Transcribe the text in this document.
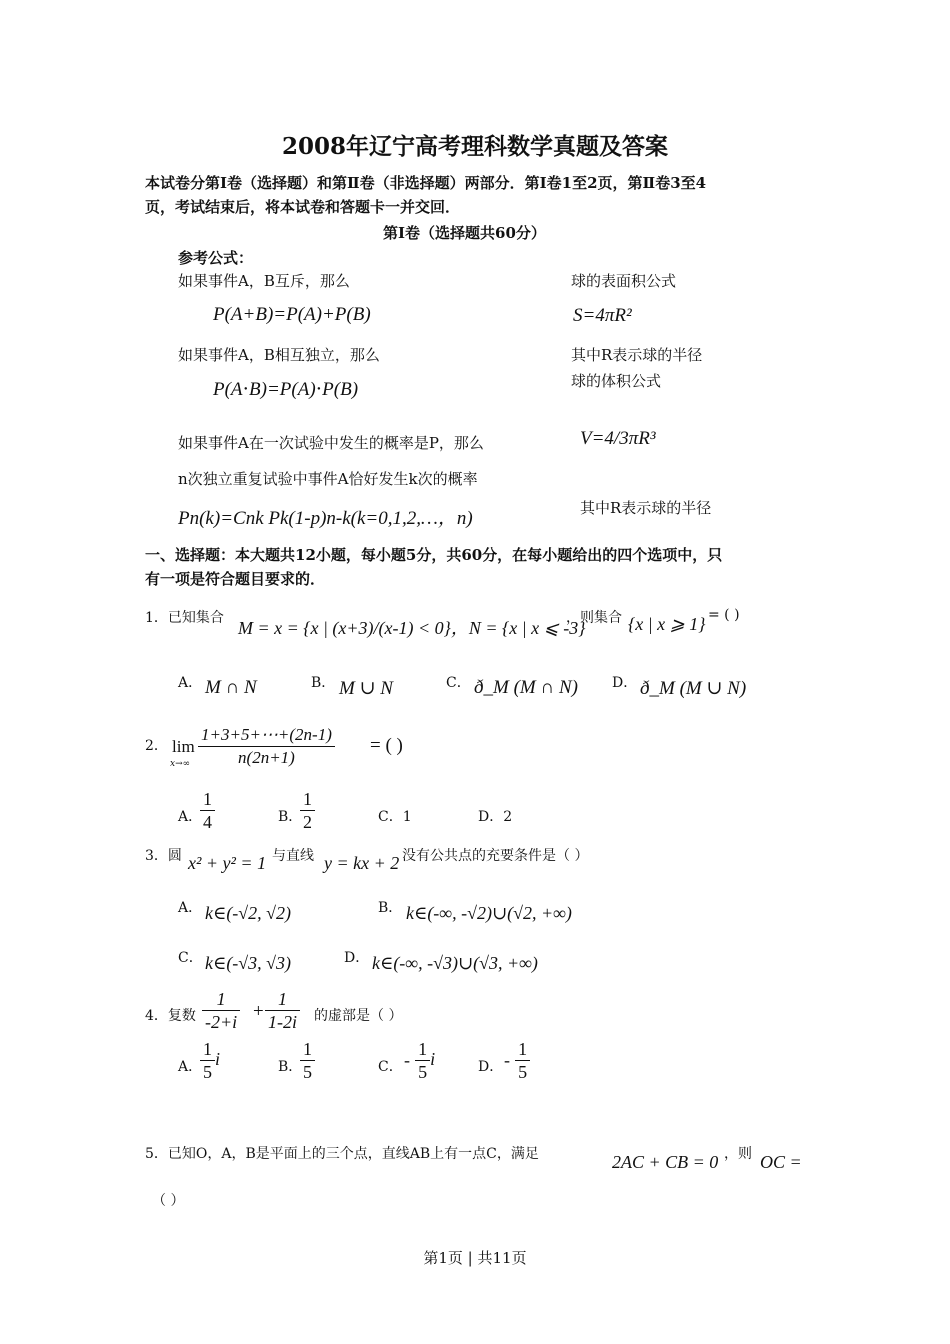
2008年辽宁高考理科数学真题及答案
本试卷分第Ⅰ卷（选择题）和第Ⅱ卷（非选择题）两部分．第Ⅰ卷1至2页，第Ⅱ卷3至4
页，考试结束后，将本试卷和答题卡一并交回．
第Ⅰ卷（选择题共60分）
参考公式：
如果事件A，B互斥，那么
P(A+B)=P(A)+P(B)
如果事件A，B相互独立，那么
P(A⋅B)=P(A)⋅P(B)
如果事件A在一次试验中发生的概率是P，那么
n次独立重复试验中事件A恰好发生k次的概率
Pn(k)=Cnk Pk(1-p)n-k(k=0,1,2,…，n)
球的表面积公式
S=4πR²
其中R表示球的半径
球的体积公式
V=4/3πR³
其中R表示球的半径
一、选择题：本大题共12小题，每小题5分，共60分，在每小题给出的四个选项中，只
有一项是符合题目要求的．
1．已知集合 M = x = {x | (x+3)/(x-1) < 0}，N = {x | x ⩽ -3}
，则集合 {x | x ⩾ 1} = ( )
A． M ∩ N	B． M ∪ N	C． ð_M (M ∩ N) D． ð_M (M ∪ N)
2． lim
$x\to\infty \frac{1+3+5+\cdots+(2n-1)}{n(2n+1)}$ = ( )
A．
$\frac{1}{4}$	B．
$\frac{1}{2}$	C．1	D．2
3．圆 x² + y² = 1 与直线 y = kx + 2 没有公共点的充要条件是（ ）
A． k∈(-√2, √2)	B． k∈(-∞, -√2)∪(√2, +∞)
C． k∈(-√3, √3)	D． k∈(-∞, -√3)∪(√3, +∞)
4．复数 $\frac{1}{-2+i} + \frac{1}{1-2i}$ 的虚部是（ ）
A．
$\frac{1}{5}$ i	B．
$\frac{1}{5}$	C． - $\frac{1}{5}$ i	D． - $\frac{1}{5}$
5．已知O，A，B是平面上的三个点，直线AB上有一点C，满足	2AC + CB = 0 ，则 OC =
（ ）
第1页 | 共11页
